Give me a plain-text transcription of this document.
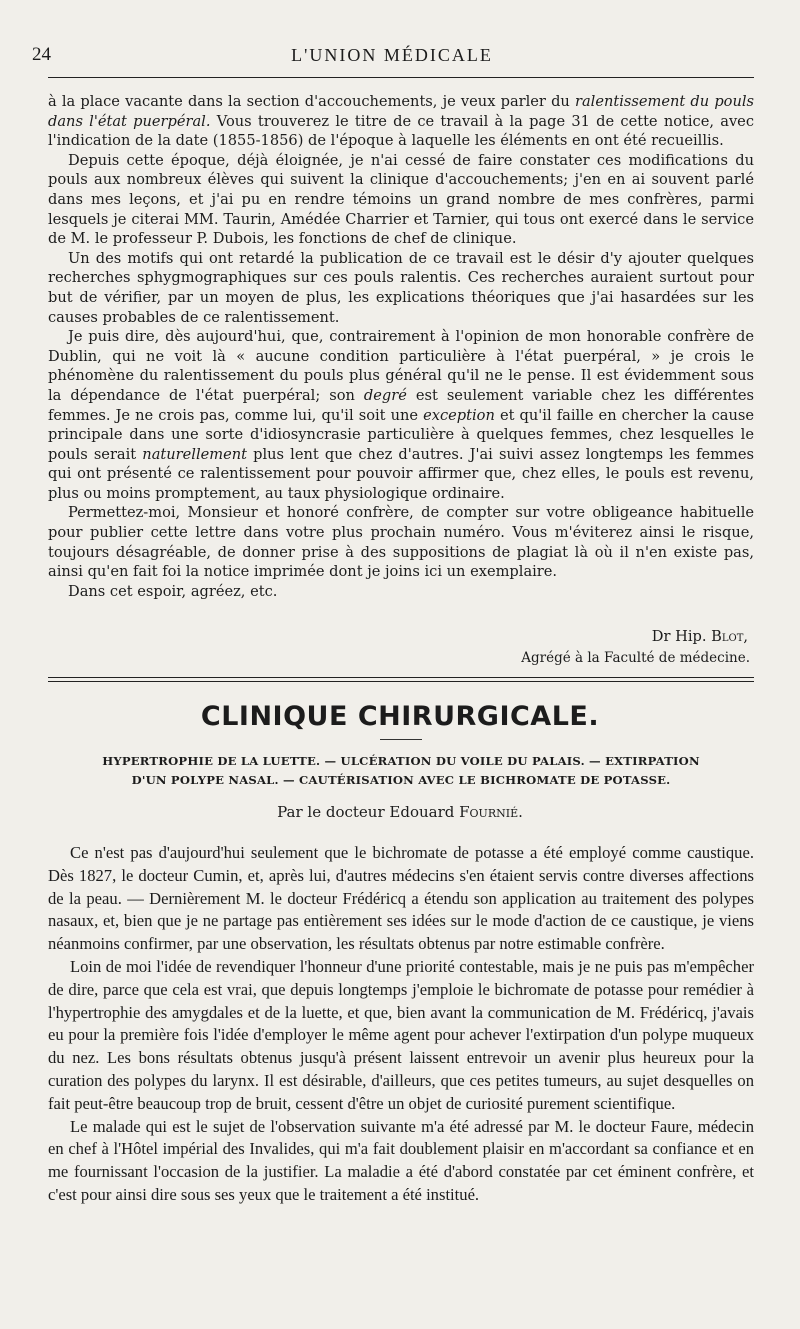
24	L'UNION MÉDICALE

à la place vacante dans la section d'accouchements, je veux parler du ralentissement du pouls dans l'état puerpéral. Vous trouverez le titre de ce travail à la page 31 de cette notice, avec l'indication de la date (1855-1856) de l'époque à laquelle les éléments en ont été recueillis.

Depuis cette époque, déjà éloignée, je n'ai cessé de faire constater ces modifications du pouls aux nombreux élèves qui suivent la clinique d'accouchements; j'en en ai souvent parlé dans mes leçons, et j'ai pu en rendre témoins un grand nombre de mes confrères, parmi lesquels je citerai MM. Taurin, Amédée Charrier et Tarnier, qui tous ont exercé dans le service de M. le professeur P. Dubois, les fonctions de chef de clinique.

Un des motifs qui ont retardé la publication de ce travail est le désir d'y ajouter quelques recherches sphygmographiques sur ces pouls ralentis. Ces recherches auraient surtout pour but de vérifier, par un moyen de plus, les explications théoriques que j'ai hasardées sur les causes probables de ce ralentissement.

Je puis dire, dès aujourd'hui, que, contrairement à l'opinion de mon honorable confrère de Dublin, qui ne voit là « aucune condition particulière à l'état puerpéral, » je crois le phénomène du ralentissement du pouls plus général qu'il ne le pense. Il est évidemment sous la dépendance de l'état puerpéral; son degré est seulement variable chez les différentes femmes. Je ne crois pas, comme lui, qu'il soit une exception et qu'il faille en chercher la cause principale dans une sorte d'idiosyncrasie particulière à quelques femmes, chez lesquelles le pouls serait naturellement plus lent que chez d'autres. J'ai suivi assez longtemps les femmes qui ont présenté ce ralentissement pour pouvoir affirmer que, chez elles, le pouls est revenu, plus ou moins promptement, au taux physiologique ordinaire.

Permettez-moi, Monsieur et honoré confrère, de compter sur votre obligeance habituelle pour publier cette lettre dans votre plus prochain numéro. Vous m'éviterez ainsi le risque, toujours désagréable, de donner prise à des suppositions de plagiat là où il n'en existe pas, ainsi qu'en fait foi la notice imprimée dont je joins ici un exemplaire.

Dans cet espoir, agréez, etc.

Dr Hip. Blot,
Agrégé à la Faculté de médecine.
CLINIQUE CHIRURGICALE.
HYPERTROPHIE DE LA LUETTE. — ULCÉRATION DU VOILE DU PALAIS. — EXTIRPATION
D'UN POLYPE NASAL. — CAUTÉRISATION AVEC LE BICHROMATE DE POTASSE.
Par le docteur Edouard Fournié.

Ce n'est pas d'aujourd'hui seulement que le bichromate de potasse a été employé comme caustique. Dès 1827, le docteur Cumin, et, après lui, d'autres médecins s'en étaient servis contre diverses affections de la peau. — Dernièrement M. le docteur Frédéricq a étendu son application au traitement des polypes nasaux, et, bien que je ne partage pas entièrement ses idées sur le mode d'action de ce caustique, je viens néanmoins confirmer, par une observation, les résultats obtenus par notre estimable confrère.

Loin de moi l'idée de revendiquer l'honneur d'une priorité contestable, mais je ne puis pas m'empêcher de dire, parce que cela est vrai, que depuis longtemps j'emploie le bichromate de potasse pour remédier à l'hypertrophie des amygdales et de la luette, et que, bien avant la communication de M. Frédéricq, j'avais eu pour la première fois l'idée d'employer le même agent pour achever l'extirpation d'un polype muqueux du nez. Les bons résultats obtenus jusqu'à présent laissent entrevoir un avenir plus heureux pour la curation des polypes du larynx. Il est désirable, d'ailleurs, que ces petites tumeurs, au sujet desquelles on fait peut-être beaucoup trop de bruit, cessent d'être un objet de curiosité purement scientifique.

Le malade qui est le sujet de l'observation suivante m'a été adressé par M. le docteur Faure, médecin en chef à l'Hôtel impérial des Invalides, qui m'a fait doublement plaisir en m'accordant sa confiance et en me fournissant l'occasion de la justifier. La maladie a été d'abord constatée par cet éminent confrère, et c'est pour ainsi dire sous ses yeux que le traitement a été institué.
